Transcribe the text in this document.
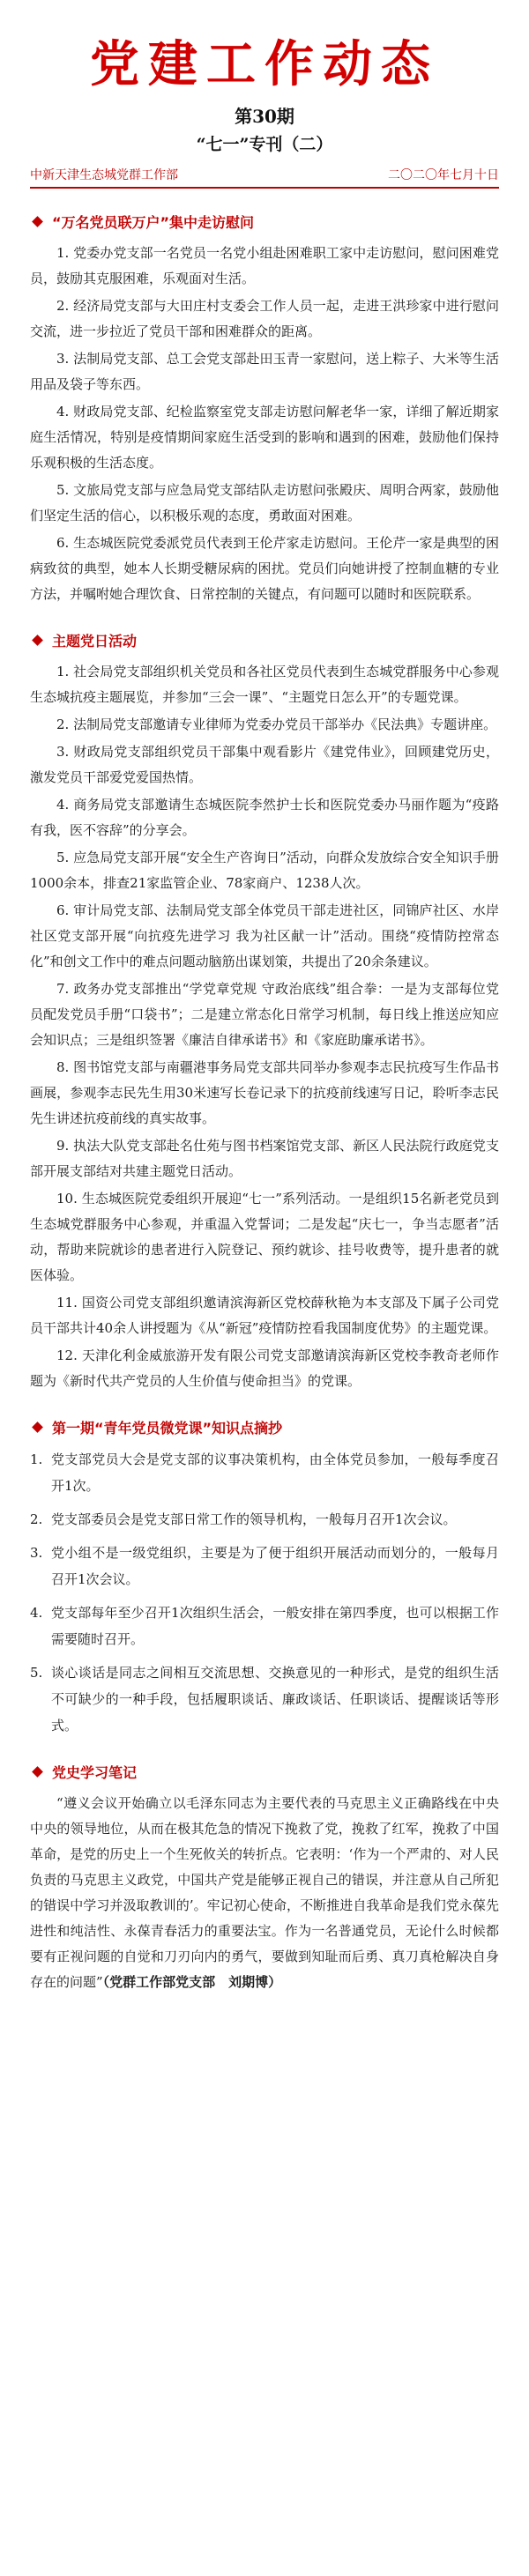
党建工作动态
第30期
“七一”专刊（二）
中新天津生态城党群工作部	二〇二〇年七月十日
“万名党员联万户”集中走访慰问

1. 党委办党支部一名党员一名党小组赴困难职工家中走访慰问，慰问困难党员，鼓励其克服困难，乐观面对生活。

2. 经济局党支部与大田庄村支委会工作人员一起，走进王洪珍家中进行慰问交流，进一步拉近了党员干部和困难群众的距离。

3. 法制局党支部、总工会党支部赴田玉青一家慰问，送上粽子、大米等生活用品及袋子等东西。

4. 财政局党支部、纪检监察室党支部走访慰问解老华一家，详细了解近期家庭生活情况，特别是疫情期间家庭生活受到的影响和遇到的困难，鼓励他们保持乐观积极的生活态度。

5. 文旅局党支部与应急局党支部结队走访慰问张殿庆、周明合两家，鼓励他们坚定生活的信心，以积极乐观的态度，勇敢面对困难。

6. 生态城医院党委派党员代表到王伦芹家走访慰问。王伦芹一家是典型的困病致贫的典型，她本人长期受糖尿病的困扰。党员们向她讲授了控制血糖的专业方法，并嘱咐她合理饮食、日常控制的关键点，有问题可以随时和医院联系。

主题党日活动

1. 社会局党支部组织机关党员和各社区党员代表到生态城党群服务中心参观生态城抗疫主题展览，并参加“三会一课”、“主题党日怎么开”的专题党课。

2. 法制局党支部邀请专业律师为党委办党员干部举办《民法典》专题讲座。

3. 财政局党支部组织党员干部集中观看影片《建党伟业》，回顾建党历史，激发党员干部爱党爱国热情。

4. 商务局党支部邀请生态城医院李然护士长和医院党委办马丽作题为“疫路有我，医不容辞”的分享会。

5. 应急局党支部开展“安全生产咨询日”活动，向群众发放综合安全知识手册1000余本，排查21家监管企业、78家商户、1238人次。

6. 审计局党支部、法制局党支部全体党员干部走进社区，同锦庐社区、水岸社区党支部开展“向抗疫先进学习 我为社区献一计”活动。围绕“疫情防控常态化”和创文工作中的难点问题动脑筋出谋划策，共提出了20余条建议。

7. 政务办党支部推出“学党章党规 守政治底线”组合拳：一是为支部每位党员配发党员手册“口袋书”；二是建立常态化日常学习机制，每日线上推送应知应会知识点；三是组织签署《廉洁自律承诺书》和《家庭助廉承诺书》。

8. 图书馆党支部与南疆港事务局党支部共同举办参观李志民抗疫写生作品书画展，参观李志民先生用30米速写长卷记录下的抗疫前线速写日记，聆听李志民先生讲述抗疫前线的真实故事。

9. 执法大队党支部赴名仕苑与图书档案馆党支部、新区人民法院行政庭党支部开展支部结对共建主题党日活动。

10. 生态城医院党委组织开展迎“七一”系列活动。一是组织15名新老党员到生态城党群服务中心参观，并重温入党誓词；二是发起“庆七一，争当志愿者”活动，帮助来院就诊的患者进行入院登记、预约就诊、挂号收费等，提升患者的就医体验。

11. 国资公司党支部组织邀请滨海新区党校薛秋艳为本支部及下属子公司党员干部共计40余人讲授题为《从“新冠”疫情防控看我国制度优势》的主题党课。

12. 天津化利金威旅游开发有限公司党支部邀请滨海新区党校李教奇老师作题为《新时代共产党员的人生价值与使命担当》的党课。

第一期“青年党员微党课”知识点摘抄
1. 党支部党员大会是党支部的议事决策机构，由全体党员参加，一般每季度召开1次。
2. 党支部委员会是党支部日常工作的领导机构，一般每月召开1次会议。
3. 党小组不是一级党组织，主要是为了便于组织开展活动而划分的，一般每月召开1次会议。
4. 党支部每年至少召开1次组织生活会，一般安排在第四季度，也可以根据工作需要随时召开。
5. 谈心谈话是同志之间相互交流思想、交换意见的一种形式，是党的组织生活不可缺少的一种手段，包括履职谈话、廉政谈话、任职谈话、提醒谈话等形式。
党史学习笔记

“遵义会议开始确立以毛泽东同志为主要代表的马克思主义正确路线在中央中央的领导地位，从而在极其危急的情况下挽救了党，挽救了红军，挽救了中国革命，是党的历史上一个生死攸关的转折点。它表明：‘作为一个严肃的、对人民负责的马克思主义政党，中国共产党是能够正视自己的错误，并注意从自己所犯的错误中学习并汲取教训的’。牢记初心使命，不断推进自我革命是我们党永葆先进性和纯洁性、永葆青春活力的重要法宝。作为一名普通党员，无论什么时候都要有正视问题的自觉和刀刃向内的勇气，要做到知耻而后勇、真刀真枪解决自身存在的问题”（党群工作部党支部　刘期博）
